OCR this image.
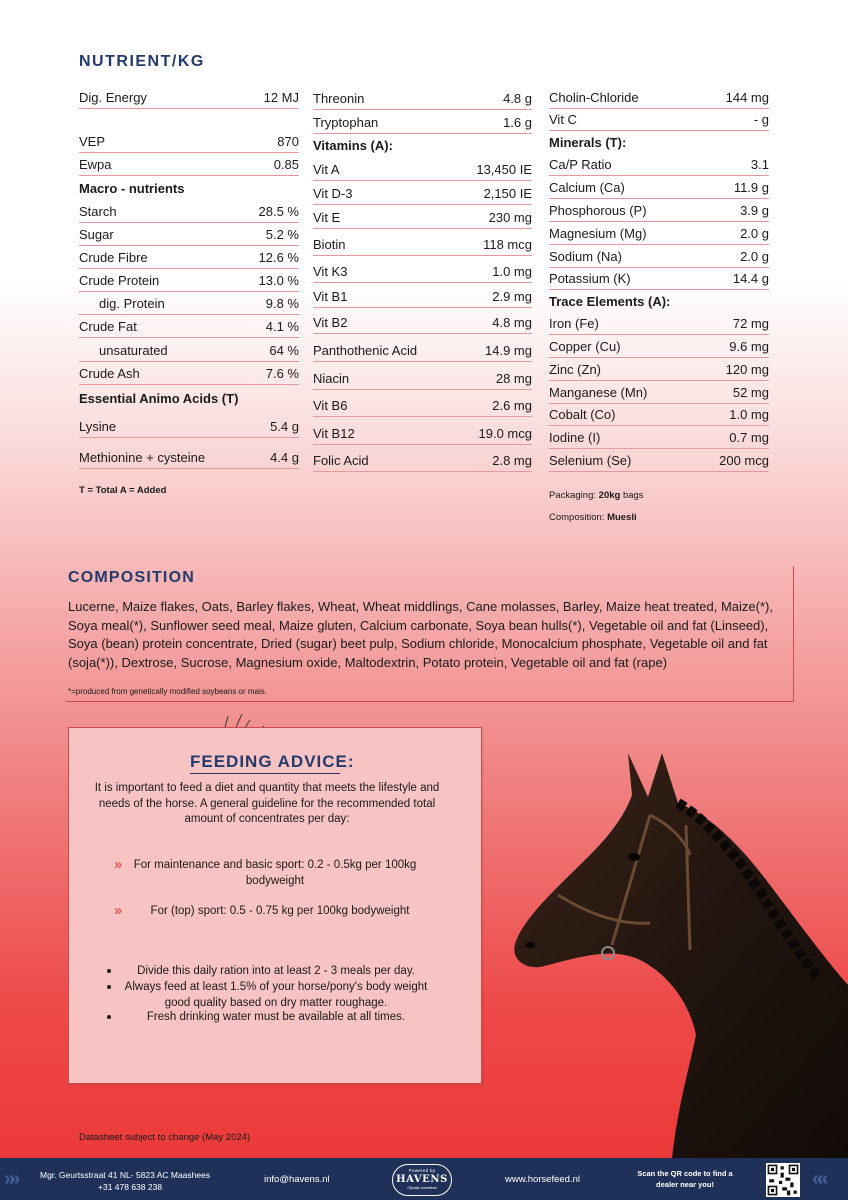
NUTRIENT/KG
Dig. Energy	12 MJ
VEP	870
Ewpa	0.85
Macro - nutrients
Starch	28.5 %
Sugar	5.2 %
Crude Fibre	12.6 %
Crude Protein	13.0 %
dig. Protein	9.8 %
Crude Fat	4.1 %
unsaturated	64 %
Crude Ash	7.6 %
Essential Animo Acids (T)
Lysine	5.4 g
Methionine + cysteine	4.4 g
Threonin	4.8 g
Tryptophan	1.6 g
Vitamins (A):
Vit A	13,450 IE
Vit D-3	2,150 IE
Vit E	230 mg
Biotin	118 mcg
Vit K3	1.0 mg
Vit B1	2.9 mg
Vit B2	4.8 mg
Panthothenic Acid	14.9 mg
Niacin	28 mg
Vit B6	2.6 mg
Vit B12	19.0 mcg
Folic Acid	2.8 mg
Cholin-Chloride	144 mg
Vit C	- g
Minerals (T):
Ca/P Ratio	3.1
Calcium (Ca)	11.9 g
Phosphorous (P)	3.9 g
Magnesium (Mg)	2.0 g
Sodium (Na)	2.0 g
Potassium (K)	14.4 g
Trace Elements (A):
Iron (Fe)	72 mg
Copper (Cu)	9.6 mg
Zinc (Zn)	120 mg
Manganese (Mn)	52 mg
Cobalt (Co)	1.0 mg
Iodine (I)	0.7 mg
Selenium (Se)	200 mcg
T = Total A = Added	Packaging: 20kg bags
Composition: Muesli
COMPOSITION
Lucerne, Maize flakes, Oats, Barley flakes, Wheat, Wheat middlings, Cane molasses, Barley, Maize heat treated, Maize(*), Soya meal(*), Sunflower seed meal, Maize gluten, Calcium carbonate, Soya bean hulls(*), Vegetable oil and fat (Linseed), Soya (bean) protein concentrate, Dried (sugar) beet pulp, Sodium chloride, Monocalcium phosphate, Vegetable oil and fat (soja(*)), Dextrose, Sucrose, Magnesium oxide, Maltodextrin, Potato protein, Vegetable oil and fat (rape)
*=produced from genetically modified soybeans or mais.
FEEDING ADVICE:
It is important to feed a diet and quantity that meets the lifestyle and needs of the horse. A general guideline for the recommended total amount of concentrates per day:
»	For maintenance and basic sport: 0.2 - 0.5kg per 100kg bodyweight
»	For (top) sport: 0.5 - 0.75 kg per 100kg bodyweight
Divide this daily ration into at least 2 - 3 meals per day.
Always feed at least 1.5% of your horse/pony's body weight good quality based on dry matter roughage.
Fresh drinking water must be available at all times.
Datasheet subject to change (May 2024)
»»	Mgr. Geurtsstraat 41 NL- 5823 AC Maashees
+31 478 638 238
info@havens.nl
Powered by
HAVENS
Olympic horsefeed
www.horsefeed.nl
Scan the QR code to find a dealer near you!	««
